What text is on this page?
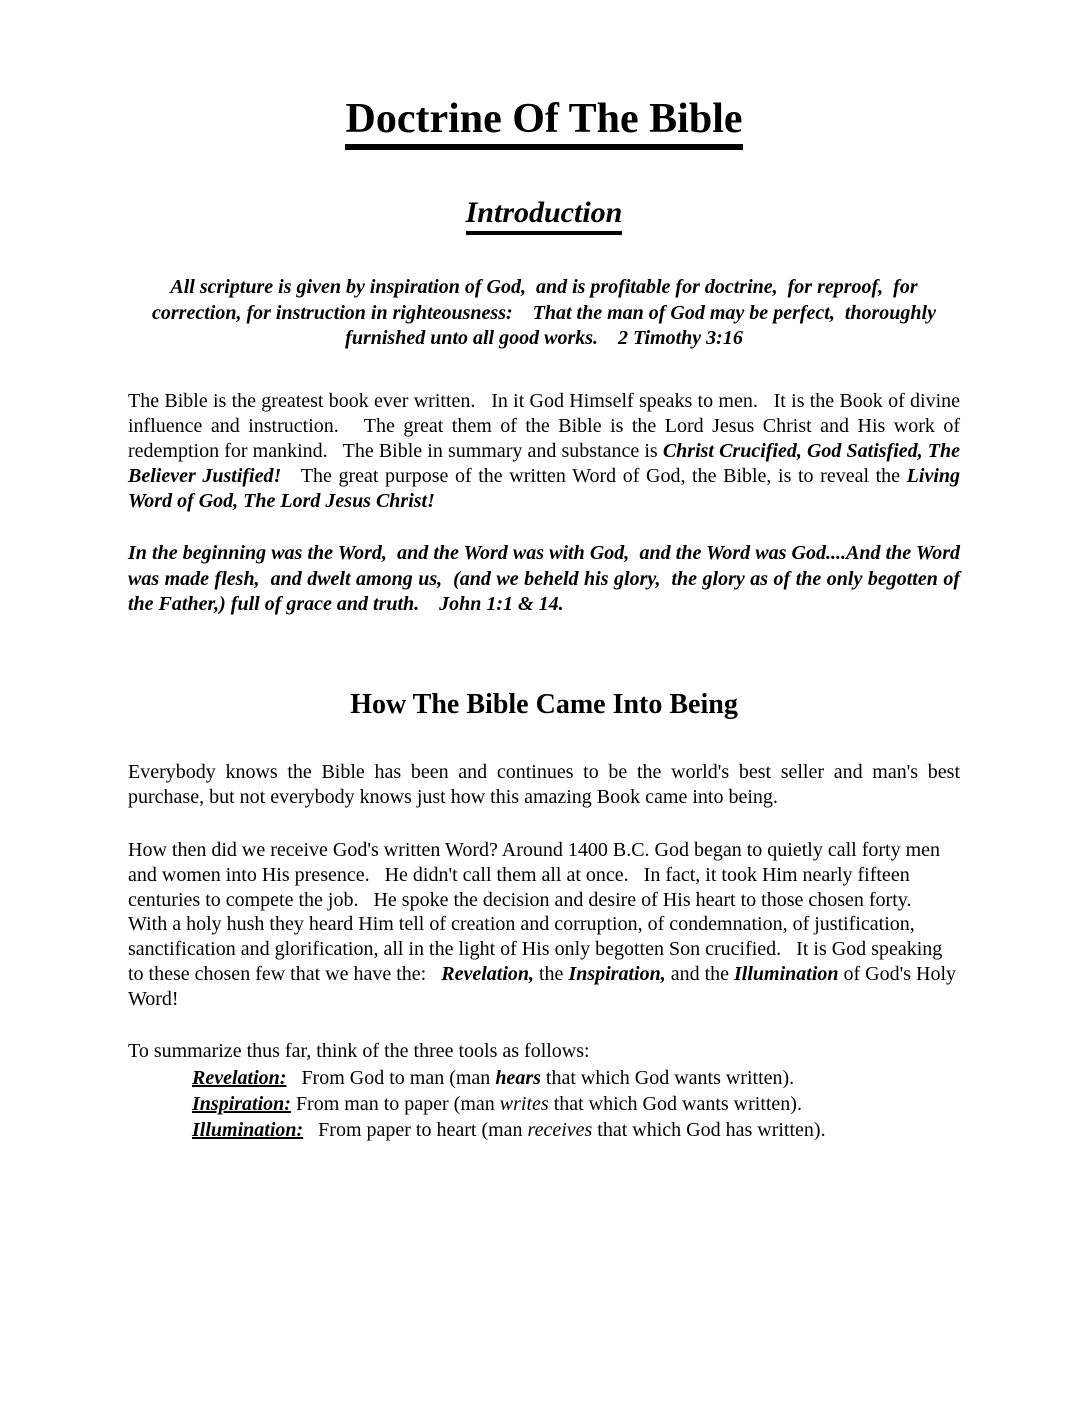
Doctrine Of The Bible
Introduction

All scripture is given by inspiration of God,  and is profitable for doctrine,  for reproof,  for correction, for instruction in righteousness:    That the man of God may be perfect,  thoroughly furnished unto all good works.    2 Timothy 3:16

The Bible is the greatest book ever written.   In it God Himself speaks to men.   It is the Book of divine influence and instruction.   The great them of the Bible is the Lord Jesus Christ and His work of redemption for mankind.   The Bible in summary and substance is Christ Crucified, God Satisfied, The Believer Justified!   The great purpose of the written Word of God, the Bible, is to reveal the Living Word of God, The Lord Jesus Christ!

In the beginning was the Word,  and the Word was with God,  and the Word was God....And the Word was made flesh,  and dwelt among us,  (and we beheld his glory,  the glory as of the only begotten of the Father,) full of grace and truth.    John 1:1 & 14.

How The Bible Came Into Being

Everybody knows the Bible has been and continues to be the world's best seller and man's best purchase, but not everybody knows just how this amazing Book came into being.

How then did we receive God's written Word? Around 1400 B.C. God began to quietly call forty men and women into His presence.   He didn't call them all at once.   In fact, it took Him nearly fifteen centuries to compete the job.   He spoke the decision and desire of His heart to those chosen forty.   With a holy hush they heard Him tell of creation and corruption, of condemnation, of justification, sanctification and glorification, all in the light of His only begotten Son crucified.   It is God speaking to these chosen few that we have the:   Revelation, the Inspiration, and the Illumination of God's Holy Word!

To summarize thus far, think of the three tools as follows:

Revelation:   From God to man (man hears that which God wants written).
Inspiration: From man to paper (man writes that which God wants written).
Illumination:   From paper to heart (man receives that which God has written).
